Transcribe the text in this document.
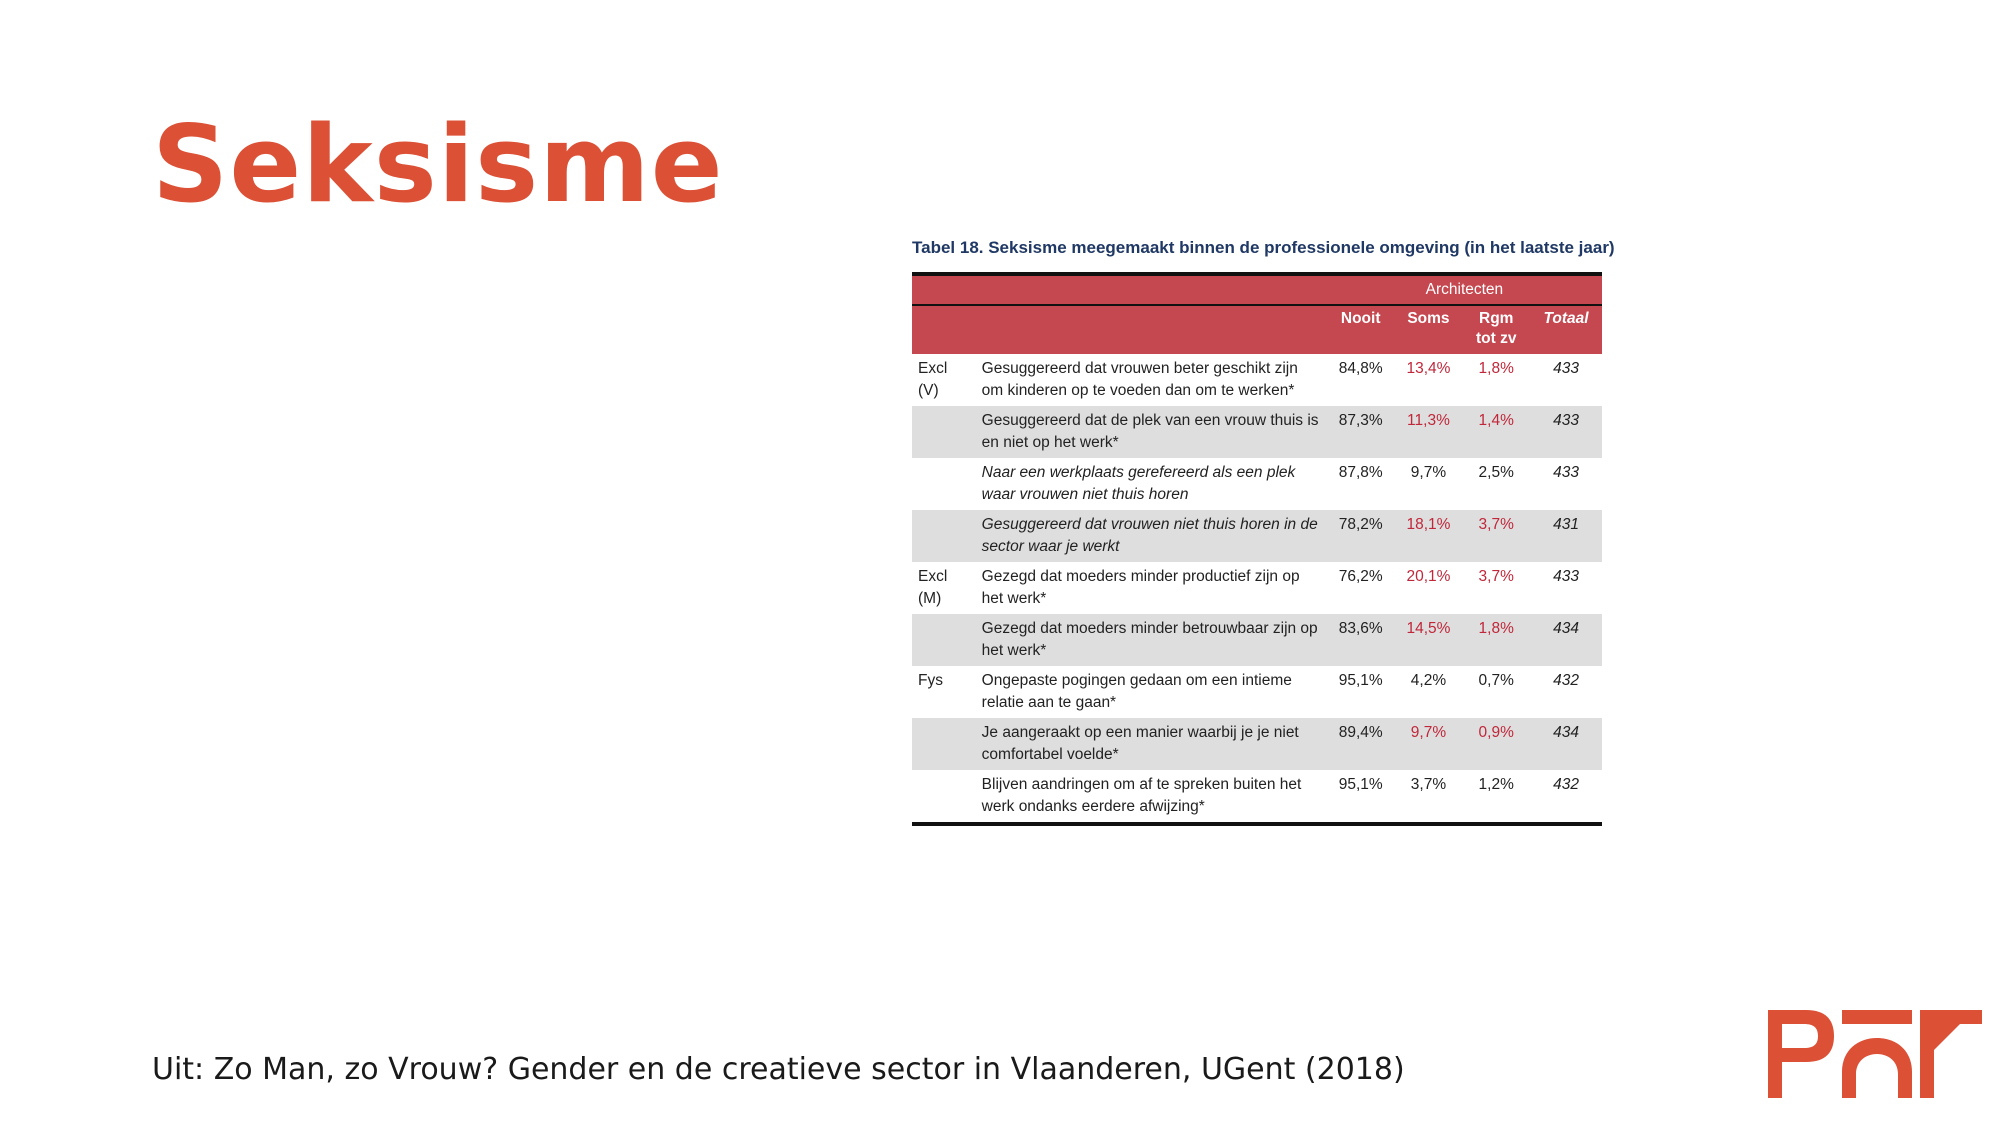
Seksisme
Tabel 18. Seksisme meegemaakt binnen de professionele omgeving (in het laatste jaar)
		Architecten			
		Nooit	Soms	Rgm tot zv	Totaal
Excl (V)	Gesuggereerd dat vrouwen beter geschikt zijn om kinderen op te voeden dan om te werken*	84,8%	13,4%	1,8%	433
	Gesuggereerd dat de plek van een vrouw thuis is en niet op het werk*	87,3%	11,3%	1,4%	433
	Naar een werkplaats gerefereerd als een plek waar vrouwen niet thuis horen	87,8%	9,7%	2,5%	433
	Gesuggereerd dat vrouwen niet thuis horen in de sector waar je werkt	78,2%	18,1%	3,7%	431
Excl (M)	Gezegd dat moeders minder productief zijn op het werk*	76,2%	20,1%	3,7%	433
	Gezegd dat moeders minder betrouwbaar zijn op het werk*	83,6%	14,5%	1,8%	434
Fys	Ongepaste pogingen gedaan om een intieme relatie aan te gaan*	95,1%	4,2%	0,7%	432
	Je aangeraakt op een manier waarbij je je niet comfortabel voelde*	89,4%	9,7%	0,9%	434
	Blijven aandringen om af te spreken buiten het werk ondanks eerdere afwijzing*	95,1%	3,7%	1,2%	432
Uit: Zo Man, zo Vrouw? Gender en de creatieve sector in Vlaanderen, UGent (2018)
